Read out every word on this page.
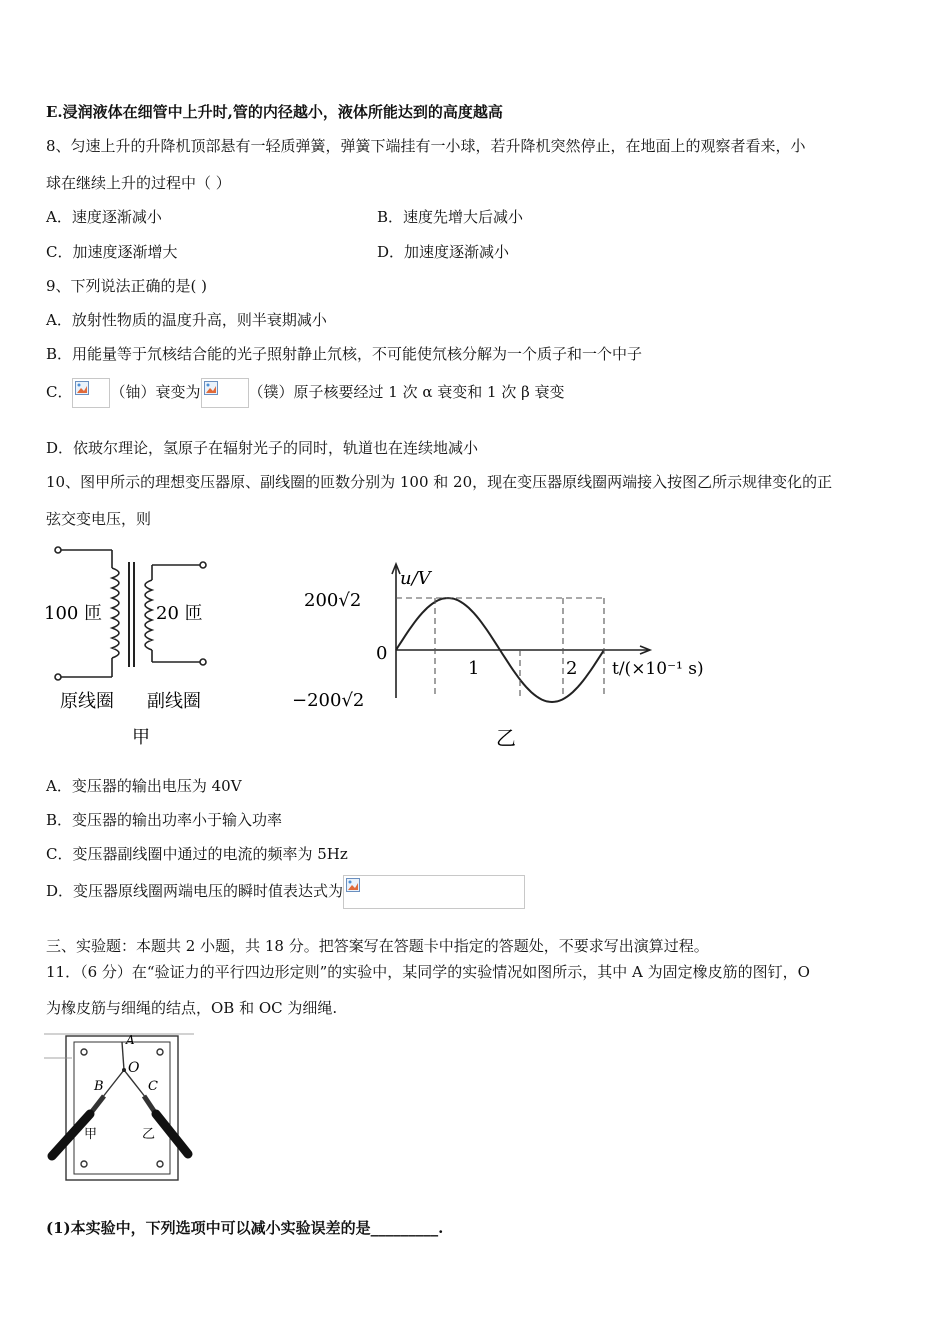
E.浸润液体在细管中上升时,管的内径越小，液体所能达到的高度越高
8、匀速上升的升降机顶部悬有一轻质弹簧，弹簧下端挂有一小球，若升降机突然停止，在地面上的观察者看来，小
球在继续上升的过程中（ ）
A．速度逐渐减小	B．速度先增大后减小
C．加速度逐渐增大	D．加速度逐渐减小
9、下列说法正确的是( )
A．放射性物质的温度升高，则半衰期减小
B．用能量等于氘核结合能的光子照射静止氘核，不可能使氘核分解为一个质子和一个中子
C．	（铀）衰变为	（镤）原子核要经过 1 次 α 衰变和 1 次 β 衰变
D．依玻尔理论，氢原子在辐射光子的同时，轨道也在连续地减小
10、图甲所示的理想变压器原、副线圈的匝数分别为 100 和 20，现在变压器原线圈两端接入按图乙所示规律变化的正
弦交变电压，则
100 匝	20 匝
原线圈 副线圈
甲
u/V
200√2
0
−200√2
1	2 t/(×10⁻¹ s)
乙
A．变压器的输出电压为 40V
B．变压器的输出功率小于输入功率
C．变压器副线圈中通过的电流的频率为 5Hz
D．变压器原线圈两端电压的瞬时值表达式为
三、实验题：本题共 2 小题，共 18 分。把答案写在答题卡中指定的答题处，不要求写出演算过程。
11．（6 分）在“验证力的平行四边形定则”的实验中，某同学的实验情况如图所示，其中 A 为固定橡皮筋的图钉，O
为橡皮筋与细绳的结点，OB 和 OC 为细绳.
A
O
B	C
甲	乙
(1)本实验中，下列选项中可以减小实验误差的是_________.
